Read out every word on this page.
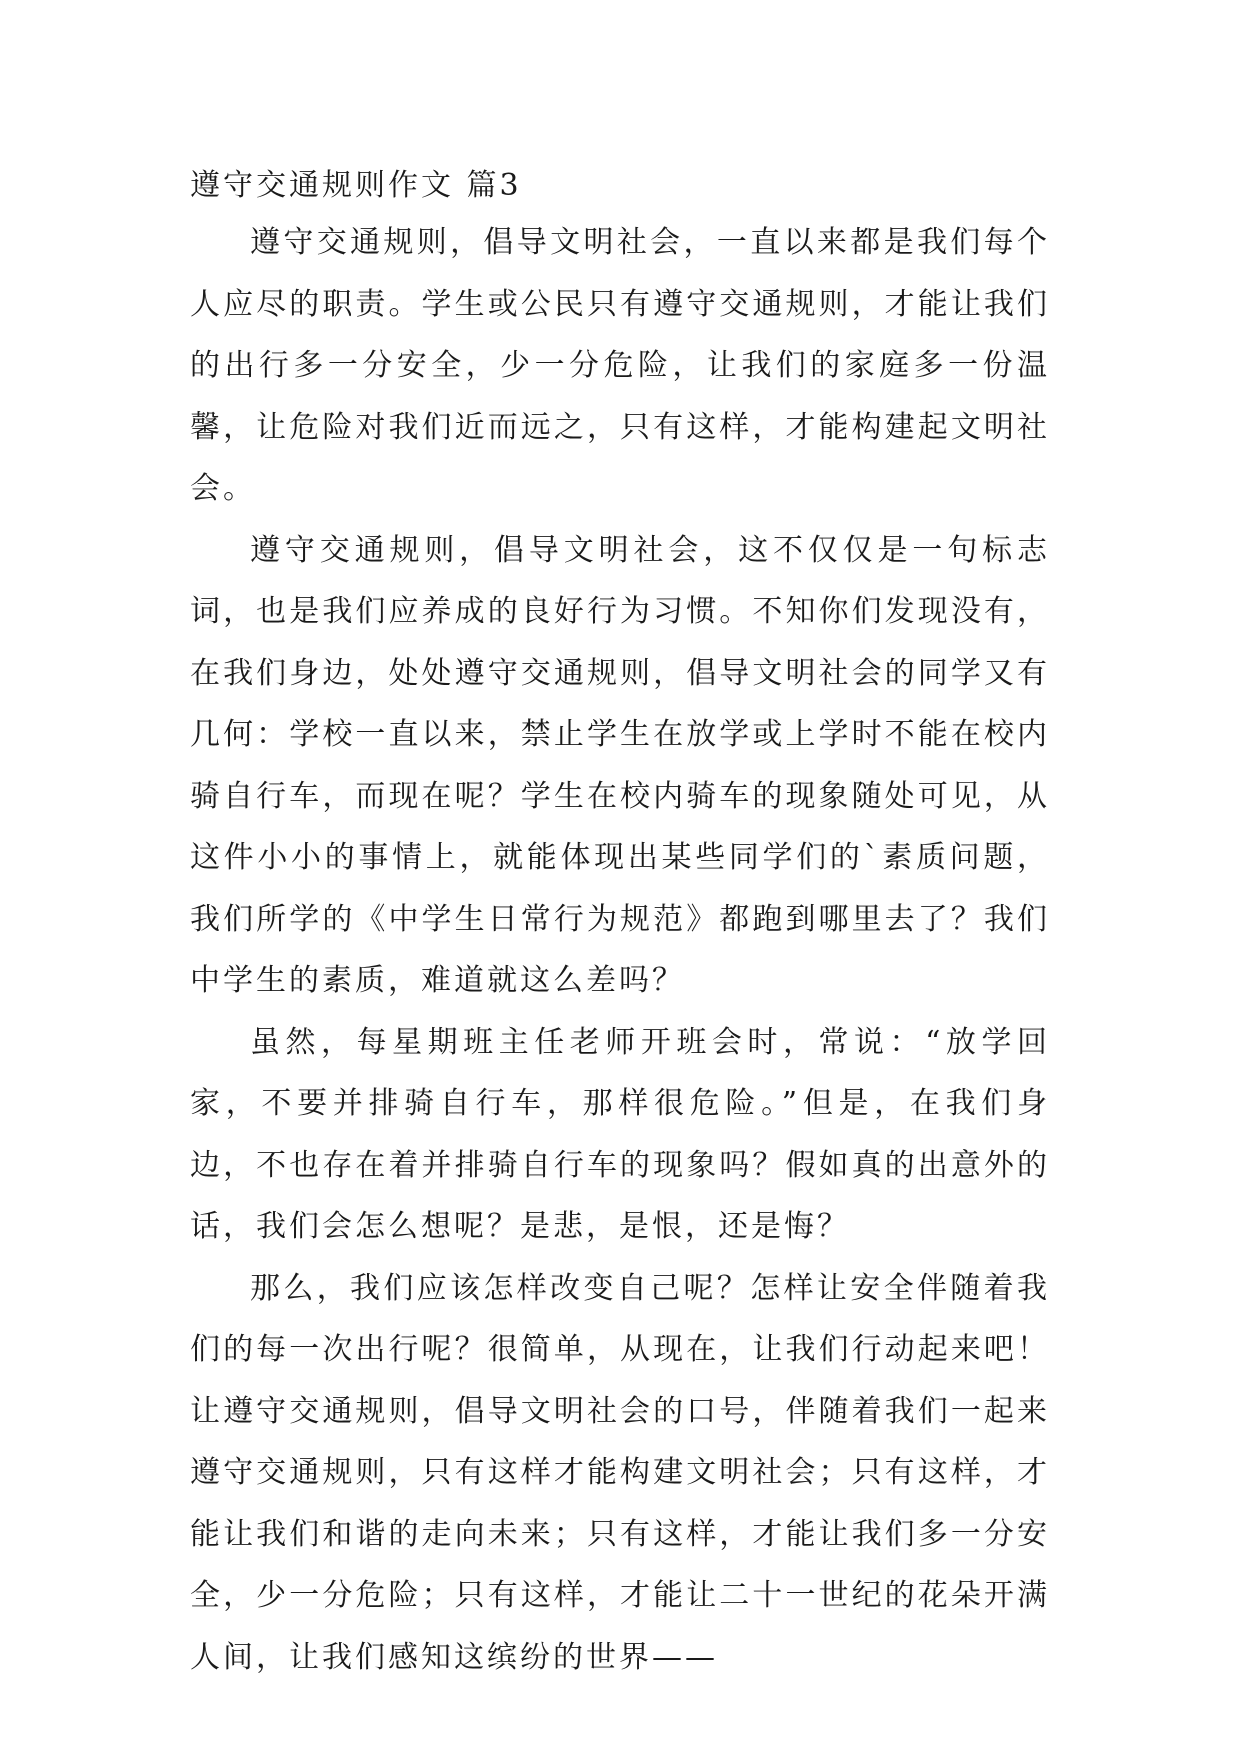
遵守交通规则作文 篇3

遵守交通规则，倡导文明社会，一直以来都是我们每个人应尽的职责。学生或公民只有遵守交通规则，才能让我们的出行多一分安全，少一分危险，让我们的家庭多一份温馨，让危险对我们近而远之，只有这样，才能构建起文明社会。

遵守交通规则，倡导文明社会，这不仅仅是一句标志词，也是我们应养成的良好行为习惯。不知你们发现没有，在我们身边，处处遵守交通规则，倡导文明社会的同学又有几何：学校一直以来，禁止学生在放学或上学时不能在校内骑自行车，而现在呢？学生在校内骑车的现象随处可见，从这件小小的事情上，就能体现出某些同学们的`素质问题，我们所学的《中学生日常行为规范》都跑到哪里去了？我们中学生的素质，难道就这么差吗？

虽然，每星期班主任老师开班会时，常说：“放学回家，不要并排骑自行车，那样很危险。”但是，在我们身边，不也存在着并排骑自行车的现象吗？假如真的出意外的话，我们会怎么想呢？是悲，是恨，还是悔？

那么，我们应该怎样改变自己呢？怎样让安全伴随着我们的每一次出行呢？很简单，从现在，让我们行动起来吧！让遵守交通规则，倡导文明社会的口号，伴随着我们一起来遵守交通规则，只有这样才能构建文明社会；只有这样，才能让我们和谐的走向未来；只有这样，才能让我们多一分安全，少一分危险；只有这样，才能让二十一世纪的花朵开满人间，让我们感知这缤纷的世界——
